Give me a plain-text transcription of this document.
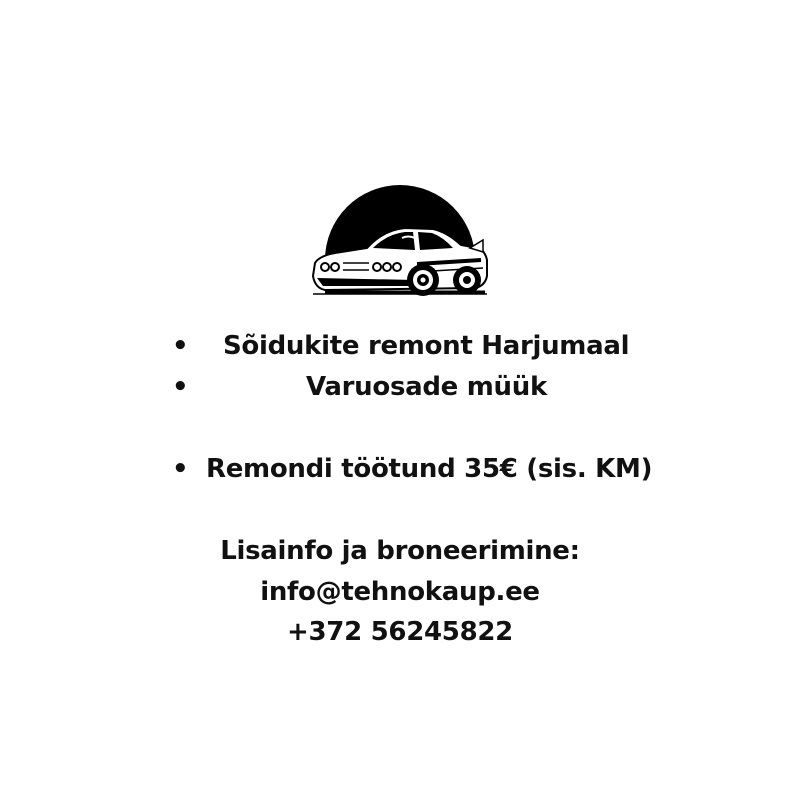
• Sõidukite remont Harjumaal
•	Varuosade müük
• Remondi töötund 35€ (sis. KM)
Lisainfo ja broneerimine:
info@tehnokaup.ee
+372 56245822
